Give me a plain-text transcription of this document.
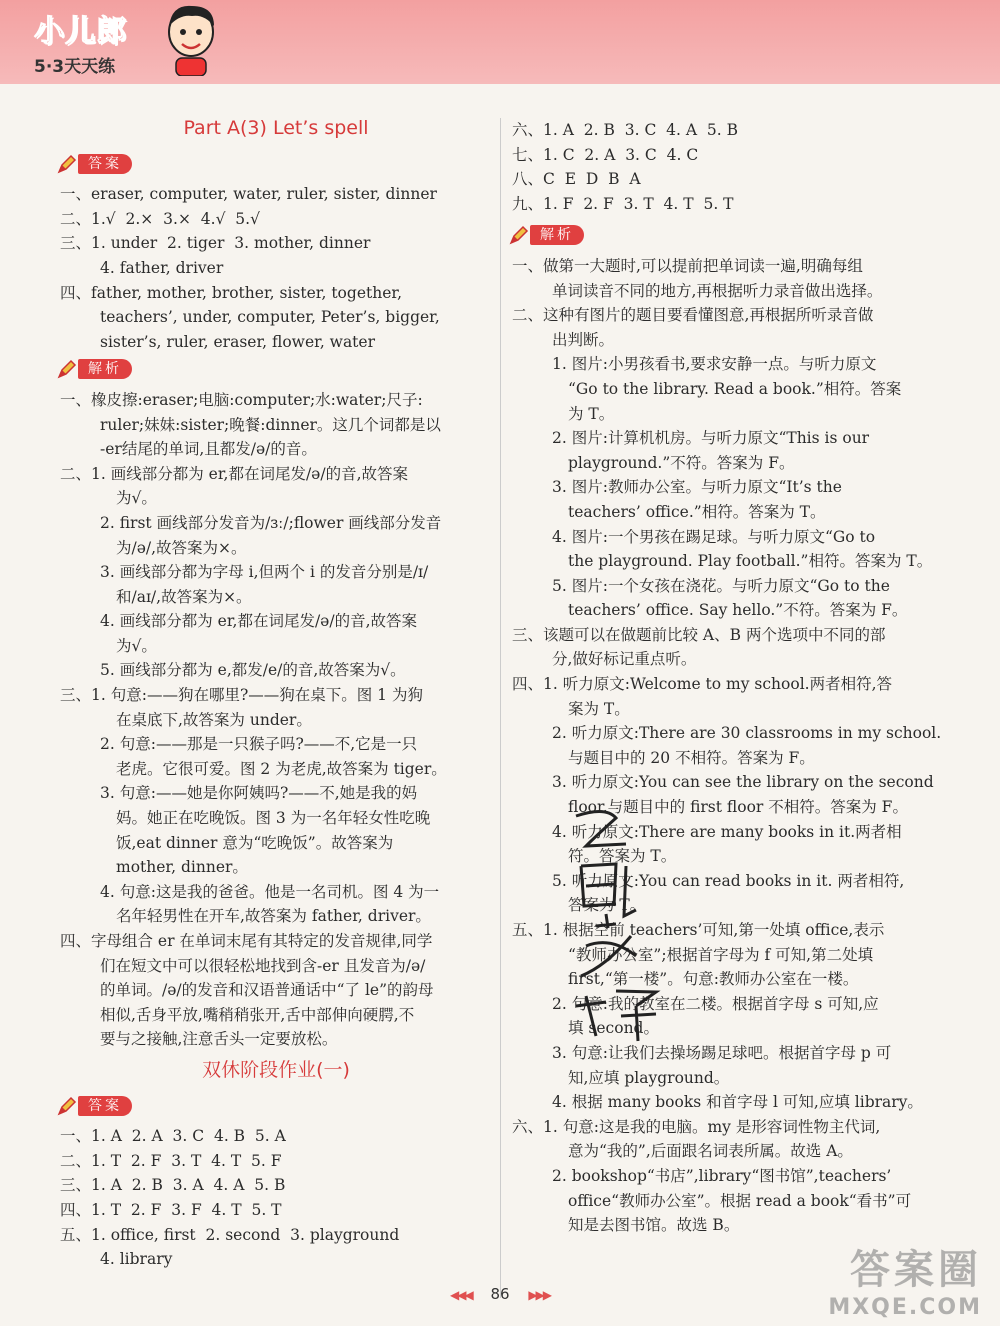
小儿郎
5·3天天练
Part A(3) Let’s spell
答案
一、eraser, computer, water, ruler, sister, dinner
二、1.√  2.×  3.×  4.√  5.√
三、1. under  2. tiger  3. mother, dinner
4. father, driver
四、father, mother, brother, sister, together,
teachers’, under, computer, Peter’s, bigger,
sister’s, ruler, eraser, flower, water
解析
一、橡皮擦:eraser;电脑:computer;水:water;尺子:
ruler;妹妹:sister;晚餐:dinner。这几个词都是以
-er结尾的单词,且都发/ə/的音。
二、1. 画线部分都为 er,都在词尾发/ə/的音,故答案
为√。
2. first 画线部分发音为/ɜː/;flower 画线部分发音
为/ə/,故答案为×。
3. 画线部分都为字母 i,但两个 i 的发音分别是/ɪ/
和/aɪ/,故答案为×。
4. 画线部分都为 er,都在词尾发/ə/的音,故答案
为√。
5. 画线部分都为 e,都发/e/的音,故答案为√。
三、1. 句意:——狗在哪里?——狗在桌下。图 1 为狗
在桌底下,故答案为 under。
2. 句意:——那是一只猴子吗?——不,它是一只
老虎。它很可爱。图 2 为老虎,故答案为 tiger。
3. 句意:——她是你阿姨吗?——不,她是我的妈
妈。她正在吃晚饭。图 3 为一名年轻女性吃晚
饭,eat dinner 意为“吃晚饭”。故答案为
mother, dinner。
4. 句意:这是我的爸爸。他是一名司机。图 4 为一
名年轻男性在开车,故答案为 father, driver。
四、字母组合 er 在单词末尾有其特定的发音规律,同学
们在短文中可以很轻松地找到含-er 且发音为/ə/
的单词。/ə/的发音和汉语普通话中“了 le”的韵母
相似,舌身平放,嘴稍稍张开,舌中部伸向硬腭,不
要与之接触,注意舌头一定要放松。
双休阶段作业(一)
答案
一、1. A  2. A  3. C  4. B  5. A
二、1. T  2. F  3. T  4. T  5. F
三、1. A  2. B  3. A  4. A  5. B
四、1. T  2. F  3. F  4. T  5. T
五、1. office, first  2. second  3. playground
4. library
六、1. A  2. B  3. C  4. A  5. B
七、1. C  2. A  3. C  4. C
八、C  E  D  B  A
九、1. F  2. F  3. T  4. T  5. T
解析
一、做第一大题时,可以提前把单词读一遍,明确每组
单词读音不同的地方,再根据听力录音做出选择。
二、这种有图片的题目要看懂图意,再根据所听录音做
出判断。
1. 图片:小男孩看书,要求安静一点。与听力原文
“Go to the library. Read a book.”相符。答案
为 T。
2. 图片:计算机机房。与听力原文“This is our
playground.”不符。答案为 F。
3. 图片:教师办公室。与听力原文“It’s the
teachers’ office.”相符。答案为 T。
4. 图片:一个男孩在踢足球。与听力原文“Go to
the playground. Play football.”相符。答案为 T。
5. 图片:一个女孩在浇花。与听力原文“Go to the
teachers’ office. Say hello.”不符。答案为 F。
三、该题可以在做题前比较 A、B 两个选项中不同的部
分,做好标记重点听。
四、1. 听力原文:Welcome to my school.两者相符,答
案为 T。
2. 听力原文:There are 30 classrooms in my school.
与题目中的 20 不相符。答案为 F。
3. 听力原文:You can see the library on the second
floor.与题目中的 first floor 不相符。答案为 F。
4. 听力原文:There are many books in it.两者相
符。答案为 T。
5. 听力原文:You can read books in it. 两者相符,
答案为 T。
五、1. 根据空前 teachers’可知,第一处填 office,表示
“教师办公室”;根据首字母为 f 可知,第二处填
first,“第一楼”。句意:教师办公室在一楼。
2. 句意:我的教室在二楼。根据首字母 s 可知,应
填 second。
3. 句意:让我们去操场踢足球吧。根据首字母 p 可
知,应填 playground。
4. 根据 many books 和首字母 l 可知,应填 library。
六、1. 句意:这是我的电脑。my 是形容词性物主代词,
意为“我的”,后面跟名词表所属。故选 A。
2. bookshop“书店”,library“图书馆”,teachers’
office“教师办公室”。根据 read a book“看书”可
知是去图书馆。故选 B。
◀◀◀ 86 ▶▶▶
答案圈
MXQE.COM
